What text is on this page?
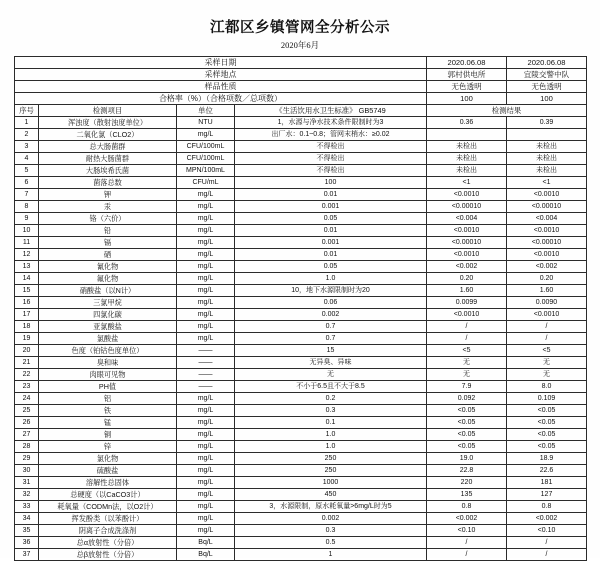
江都区乡镇管网全分析公示
2020年6月
采样日期				2020.06.08	2020.06.08
采样地点				郭村供电所	宜陵交警中队
样品性质				无色透明	无色透明
合格率（%）（合格项数／总项数）				100	100
序号	检测项目	单位	《生活饮用水卫生标准》 GB5749	检测结果	
1	浑浊度（散射浊度单位）	NTU	1，水源与净水技术条件限制时为3	0.36	0.39
2	二氧化氯（CLO2）	mg/L	出厂水：0.1~0.8；管网末梢水：≥0.02		
3	总大肠菌群	CFU/100mL	不得检出	未检出	未检出
4	耐热大肠菌群	CFU/100mL	不得检出	未检出	未检出
5	大肠埃希氏菌	MPN/100mL	不得检出	未检出	未检出
6	菌落总数	CFU/mL	100	<1	<1
7	钾	mg/L	0.01	<0.0010	<0.0010
8	汞	mg/L	0.001	<0.00010	<0.00010
9	铬（六价）	mg/L	0.05	<0.004	<0.004
10	铅	mg/L	0.01	<0.0010	<0.0010
11	镉	mg/L	0.001	<0.00010	<0.00010
12	硒	mg/L	0.01	<0.0010	<0.0010
13	氰化物	mg/L	0.05	<0.002	<0.002
14	氟化物	mg/L	1.0	0.20	0.20
15	硝酸盐（以N计）	mg/L	10，地下水源限制时为20	1.60	1.60
16	三氯甲烷	mg/L	0.06	0.0099	0.0090
17	四氯化碳	mg/L	0.002	<0.0010	<0.0010
18	亚氯酸盐	mg/L	0.7	/	/
19	氯酸盐	mg/L	0.7	/	/
20	色度（铂钴色度单位）	——	15	<5	<5
21	臭和味	——	无异臭、异味	无	无
22	肉眼可见物	——	无	无	无
23	PH值	——	不小于6.5且不大于8.5	7.9	8.0
24	铝	mg/L	0.2	0.092	0.109
25	铁	mg/L	0.3	<0.05	<0.05
26	锰	mg/L	0.1	<0.05	<0.05
27	铜	mg/L	1.0	<0.05	<0.05
28	锌	mg/L	1.0	<0.05	<0.05
29	氯化物	mg/L	250	19.0	18.9
30	硫酸盐	mg/L	250	22.8	22.6
31	溶解性总固体	mg/L	1000	220	181
32	总硬度（以CaCO3计）	mg/L	450	135	127
33	耗氧量（CODMn法，以O2计）	mg/L	3，水源限制，原水耗氧量>6mg/L时为5	0.8	0.8
34	挥发酚类（以苯酚计）	mg/L	0.002	<0.002	<0.002
35	阴离子合成洗涤剂	mg/L	0.3	<0.10	<0.10
36	总α放射性（分倍）	Bq/L	0.5	/	/
37	总β放射性（分倍）	Bq/L	1	/	/
